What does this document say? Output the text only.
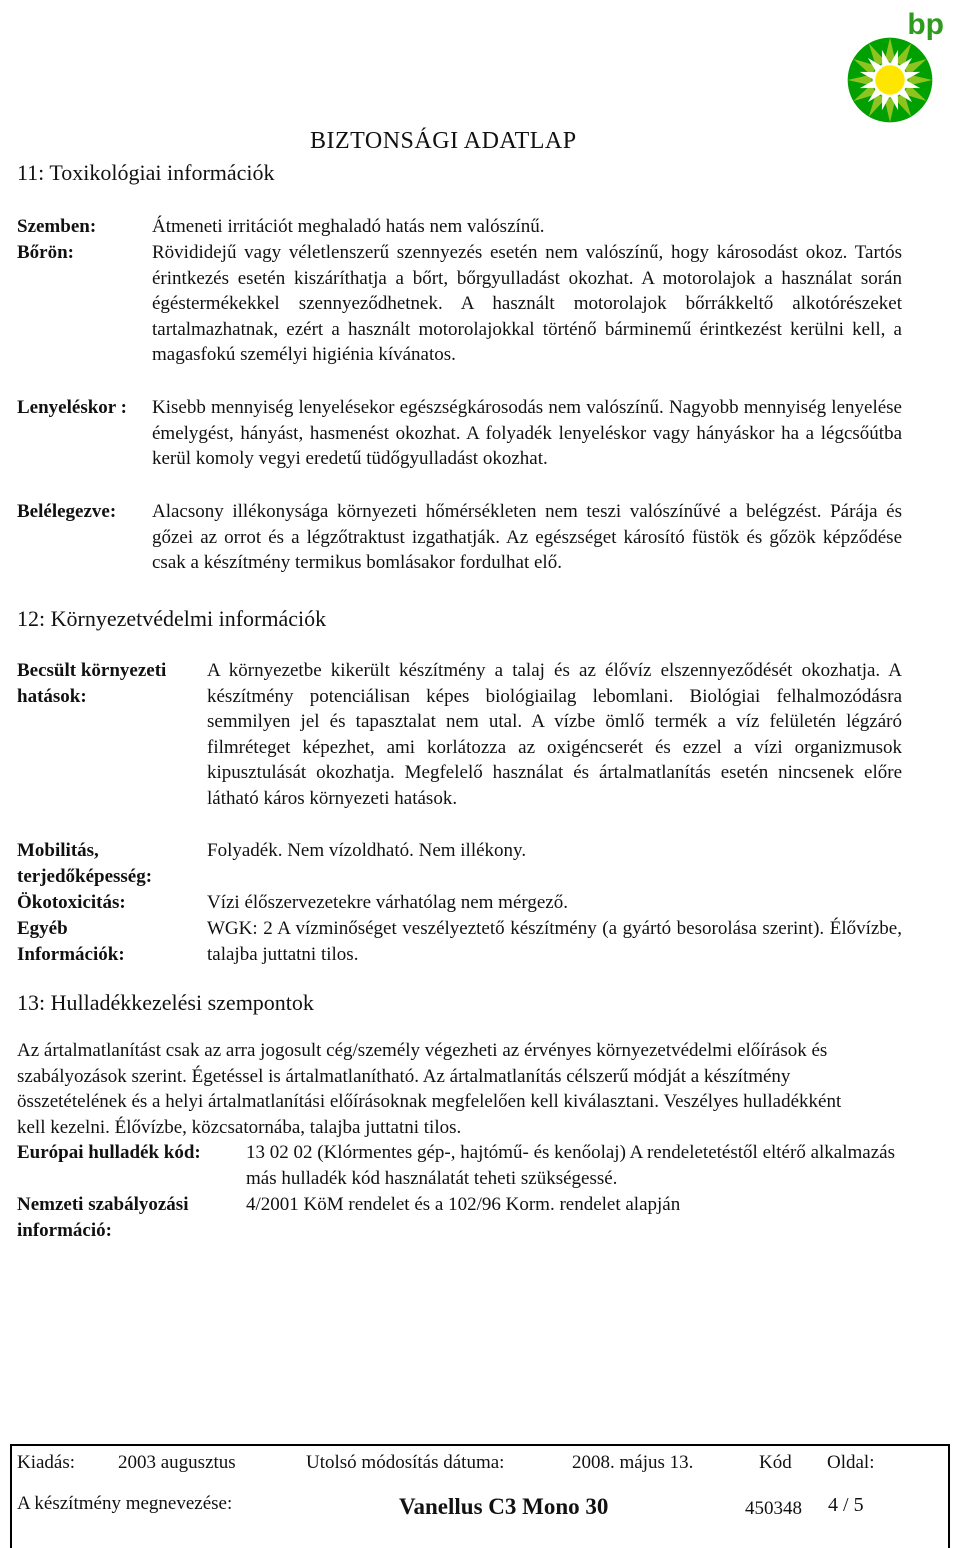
BIZTONSÁGI ADATLAP
bp
11: Toxikológiai információk
Szemben:	Átmeneti irritációt meghaladó hatás nem valószínű.
Bőrön:	Rövididejű vagy véletlenszerű szennyezés esetén nem valószínű, hogy károsodást okoz. Tartós érintkezés esetén kiszáríthatja a bőrt, bőrgyulladást okozhat. A motorolajok a használat során égéstermékekkel szennyeződhetnek. A használt motorolajok bőrrákkeltő alkotórészeket tartalmazhatnak, ezért a használt motorolajokkal történő bárminemű érintkezést kerülni kell, a magasfokú személyi higiénia kívánatos.
Lenyeléskor :	Kisebb mennyiség lenyelésekor egészségkárosodás nem valószínű. Nagyobb mennyiség lenyelése émelygést, hányást, hasmenést okozhat. A folyadék lenyeléskor vagy hányáskor ha a légcsőútba kerül komoly vegyi eredetű tüdőgyulladást okozhat.
Belélegezve: Alacsony illékonysága környezeti hőmérsékleten nem teszi valószínűvé a belégzést. Párája és gőzei az orrot és a légzőtraktust izgathatják. Az egészséget károsító füstök és gőzök képződése csak a készítmény termikus bomlásakor fordulhat elő.
12: Környezetvédelmi információk
Becsült környezeti hatások:
A környezetbe kikerült készítmény a talaj és az élővíz elszennyeződését okozhatja. A készítmény potenciálisan képes biológiailag lebomlani. Biológiai felhalmozódásra semmilyen jel és tapasztalat nem utal. A vízbe ömlő termék a víz felületén légzáró filmréteget képezhet, ami korlátozza az oxigéncserét és ezzel a vízi organizmusok kipusztulását okozhatja. Megfelelő használat és ártalmatlanítás esetén nincsenek előre látható káros környezeti hatások.
Mobilitás, terjedőképesség:
Folyadék. Nem vízoldható. Nem illékony.
Ökotoxicitás:	Vízi élőszervezetekre várhatólag nem mérgező.
Egyéb Információk:
WGK: 2 A vízminőséget veszélyeztető készítmény (a gyártó besorolása szerint). Élővízbe, talajba juttatni tilos.
13: Hulladékkezelési szempontok
Az ártalmatlanítást csak az arra jogosult cég/személy végezheti az érvényes környezetvédelmi előírások és szabályozások szerint. Égetéssel is ártalmatlanítható. Az ártalmatlanítás célszerű módját a készítmény összetételének és a helyi ártalmatlanítási előírásoknak megfelelően kell kiválasztani. Veszélyes hulladékként kell kezelni. Élővízbe, közcsatornába, talajba juttatni tilos.
Európai hulladék kód: 13 02 02 (Klórmentes gép-, hajtómű- és kenőolaj) A rendeletetéstől eltérő alkalmazás más hulladék kód használatát teheti szükségessé.
Nemzeti szabályozási információ:
4/2001 KöM rendelet és a 102/96 Korm. rendelet alapján
Kiadás: 2003 augusztus	Utolsó módosítás dátuma:	2008. május 13.	Kód Oldal:
A készítmény megnevezése:	Vanellus C3 Mono 30	450348 4 / 5
